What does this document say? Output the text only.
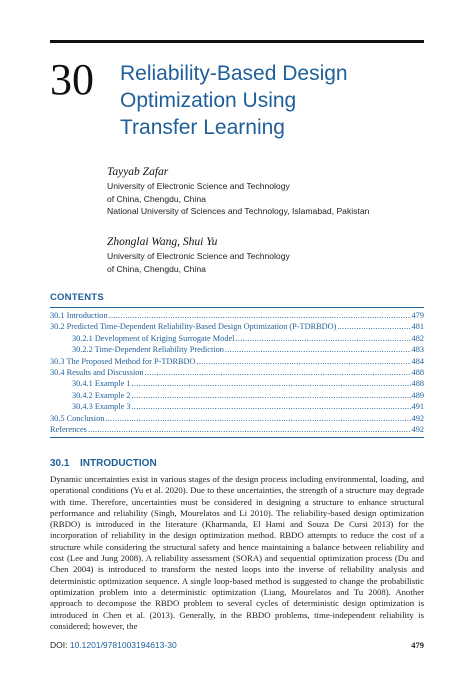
30 Reliability-Based Design
Optimization Using
Transfer Learning
Tayyab Zafar
University of Electronic Science and Technology
of China, Chengdu, China
National University of Sciences and Technology, Islamabad, Pakistan
Zhonglai Wang, Shui Yu
University of Electronic Science and Technology
of China, Chengdu, China
CONTENTS
30.1 Introduction .....	479
30.2 Predicted Time-Dependent Reliability-Based Design Optimization (P-TDRBDO) .....	481
30.2.1 Development of Kriging Surrogate Model .....	482
30.2.2 Time-Dependent Reliability Prediction .....	483
30.3 The Proposed Method for P-TDRBDO .....	484
30.4 Results and Discussion .....	488
30.4.1 Example 1 .....	488
30.4.2 Example 2 .....	489
30.4.3 Example 3 .....	491
30.5 Conclusion .....	492
References .....	492
30.1 INTRODUCTION
Dynamic uncertainties exist in various stages of the design process including environmental, loading, and operational conditions (Yu et al. 2020). Due to these uncertainties, the strength of a structure may degrade with time. Therefore, uncertainties must be considered in designing a structure to enhance structural performance and reliability (Singh, Mourelatos and Li 2010). The reliability-based design optimization (RBDO) is introduced in the literature (Kharmanda, El Hami and Souza De Cursi 2013) for the incorporation of reliability in the design optimization method. RBDO attempts to reduce the cost of a structure while considering the structural safety and hence maintaining a balance between reliability and cost (Lee and Jung 2008). A reliability assessment (SORA) and sequential optimization process (Du and Chen 2004) is introduced to transform the nested loops into the inverse of reliability analysis and deterministic optimization sequence. A single loop-based method is suggested to change the probabilistic optimization problem into a deterministic optimization (Liang, Mourelatos and Tu 2008). Another approach to decompose the RBDO problem to several cycles of deterministic design optimization is introduced in Chen et al. (2013). Generally, in the RBDO problems, time-independent reliability is considered; however, the
DOI: 10.1201/9781003194613-30	479
